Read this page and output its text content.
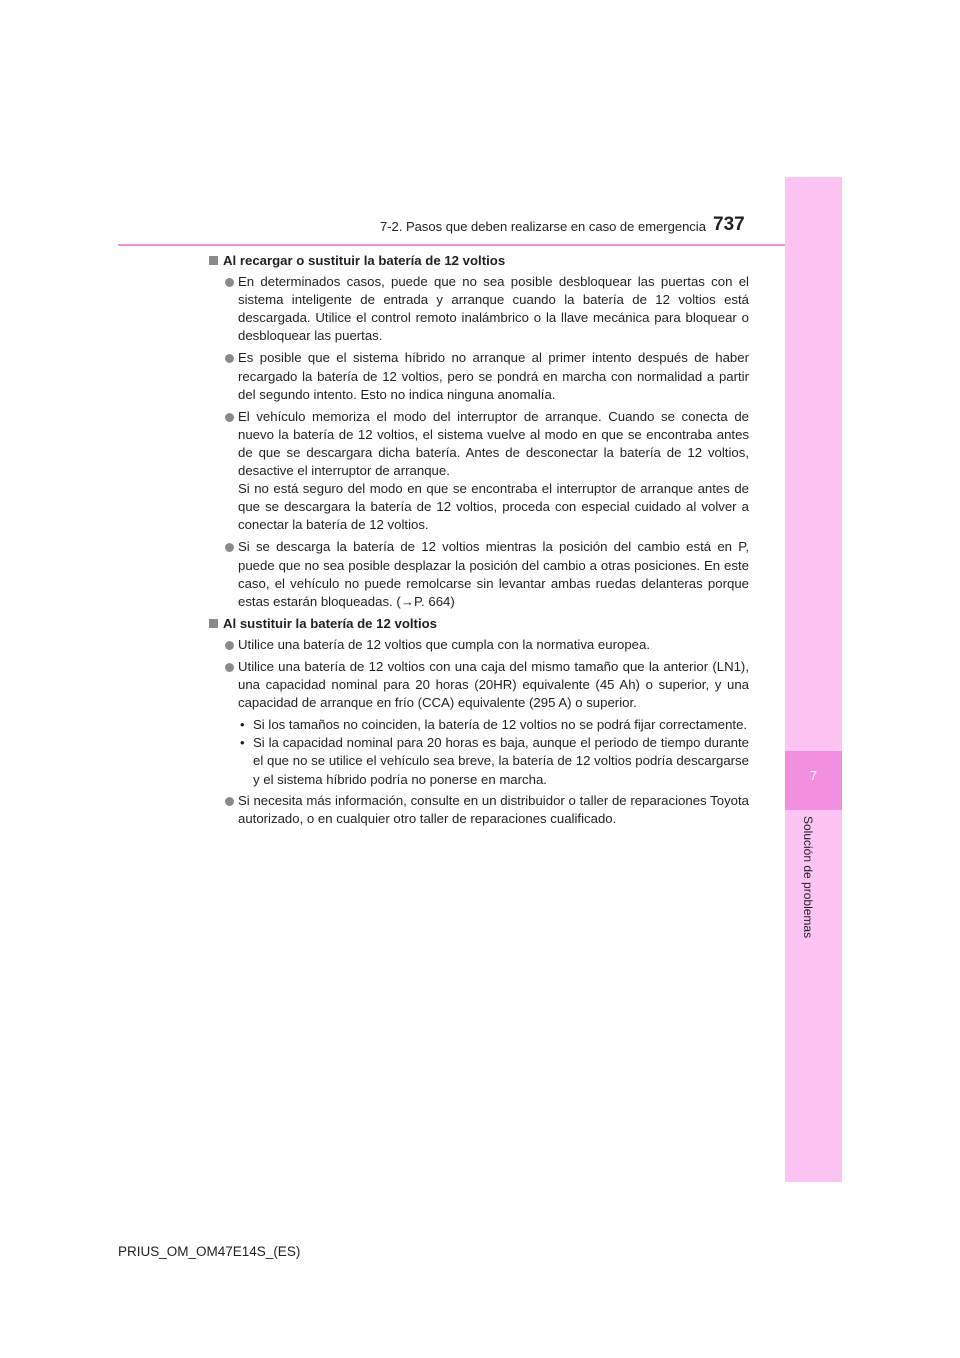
7-2. Pasos que deben realizarse en caso de emergencia 737
7
Solución de problemas
Al recargar o sustituir la batería de 12 voltios
En determinados casos, puede que no sea posible desbloquear las puertas con el sistema inteligente de entrada y arranque cuando la batería de 12 voltios está descargada. Utilice el control remoto inalámbrico o la llave mecánica para bloquear o desbloquear las puertas.
Es posible que el sistema híbrido no arranque al primer intento después de haber recargado la batería de 12 voltios, pero se pondrá en marcha con normalidad a partir del segundo intento. Esto no indica ninguna anomalía.
El vehículo memoriza el modo del interruptor de arranque. Cuando se conecta de nuevo la batería de 12 voltios, el sistema vuelve al modo en que se encontraba antes de que se descargara dicha batería. Antes de desconectar la batería de 12 voltios, desactive el interruptor de arranque.
Si no está seguro del modo en que se encontraba el interruptor de arranque antes de que se descargara la batería de 12 voltios, proceda con especial cuidado al volver a conectar la batería de 12 voltios.
Si se descarga la batería de 12 voltios mientras la posición del cambio está en P, puede que no sea posible desplazar la posición del cambio a otras posiciones. En este caso, el vehículo no puede remolcarse sin levantar ambas ruedas delanteras porque estas estarán bloqueadas. (→P. 664)
Al sustituir la batería de 12 voltios
Utilice una batería de 12 voltios que cumpla con la normativa europea.
Utilice una batería de 12 voltios con una caja del mismo tamaño que la anterior (LN1), una capacidad nominal para 20 horas (20HR) equivalente (45 Ah) o superior, y una capacidad de arranque en frío (CCA) equivalente (295 A) o superior.
• Si los tamaños no coinciden, la batería de 12 voltios no se podrá fijar correctamente.
• Si la capacidad nominal para 20 horas es baja, aunque el periodo de tiempo durante el que no se utilice el vehículo sea breve, la batería de 12 voltios podría descargarse y el sistema híbrido podría no ponerse en marcha.
Si necesita más información, consulte en un distribuidor o taller de reparaciones Toyota autorizado, o en cualquier otro taller de reparaciones cualificado.
PRIUS_OM_OM47E14S_(ES)
